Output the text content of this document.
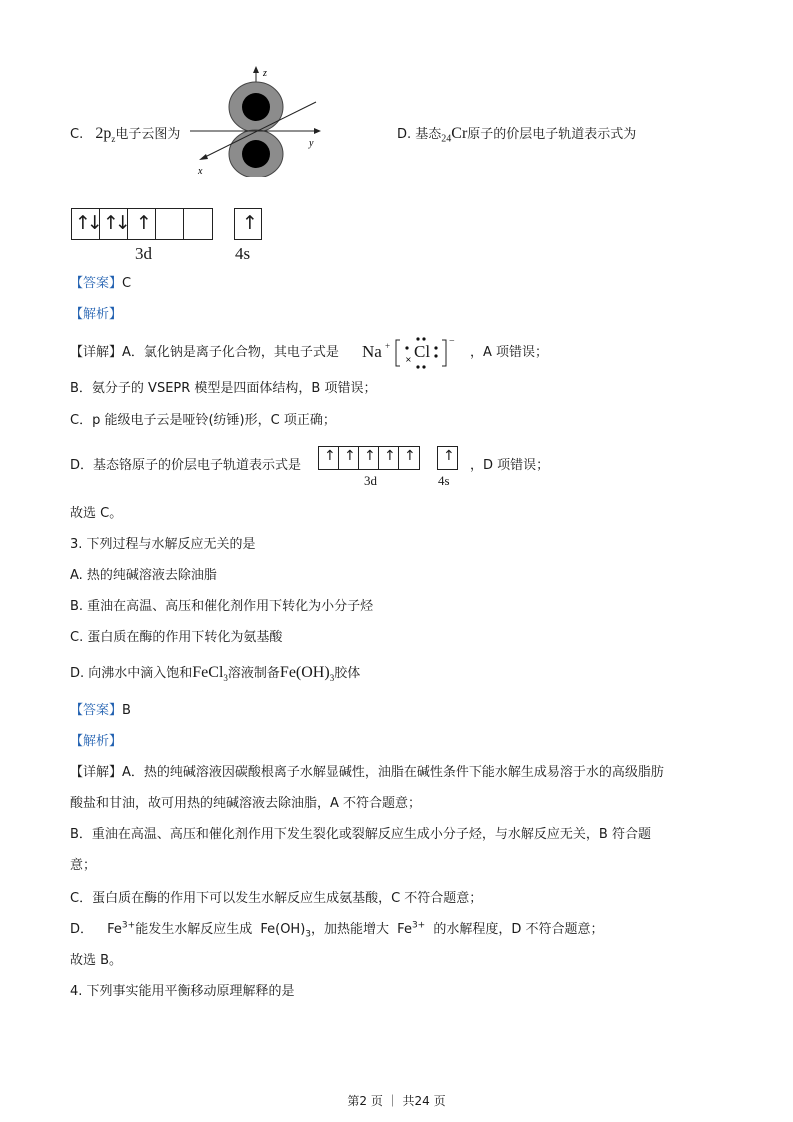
C. $2p_z$电子云图为
z
y
x
D. 基态$_{24}$Cr原子的价层电子轨道表示式为
↑↓ ↑↓ ↑	↑
3d	4s
【答案】C
【解析】
【详解】A．氯化钠是离子化合物，其电子式是 Na +
× Cl
−
，A 项错误；
B．氨分子的 VSEPR 模型是四面体结构，B 项错误；
C．p 能级电子云是哑铃(纺锤)形，C 项正确；
D．基态铬原子的价层电子轨道表示式是
↑ ↑ ↑ ↑ ↑ ↑
3d	4s
，D 项错误；
故选 C。
3. 下列过程与水解反应无关的是
A. 热的纯碱溶液去除油脂
B. 重油在高温、高压和催化剂作用下转化为小分子烃
C. 蛋白质在酶的作用下转化为氨基酸
D. 向沸水中滴入饱和FeCl$_3$溶液制备$Fe(OH)_3$胶体
【答案】B
【解析】
【详解】A．热的纯碱溶液因碳酸根离子水解显碱性，油脂在碱性条件下能水解生成易溶于水的高级脂肪
酸盐和甘油，故可用热的纯碱溶液去除油脂，A 不符合题意；
B．重油在高温、高压和催化剂作用下发生裂化或裂解反应生成小分子烃，与水解反应无关，B 符合题
意；
C．蛋白质在酶的作用下可以发生水解反应生成氨基酸，C 不符合题意；
D． $Fe^{3+}$能发生水解反应生成 $Fe(OH)_3$，加热能增大 $Fe^{3+}$ 的水解程度，D 不符合题意；
故选 B。
4. 下列事实能用平衡移动原理解释的是
第2 页 ｜ 共24 页
